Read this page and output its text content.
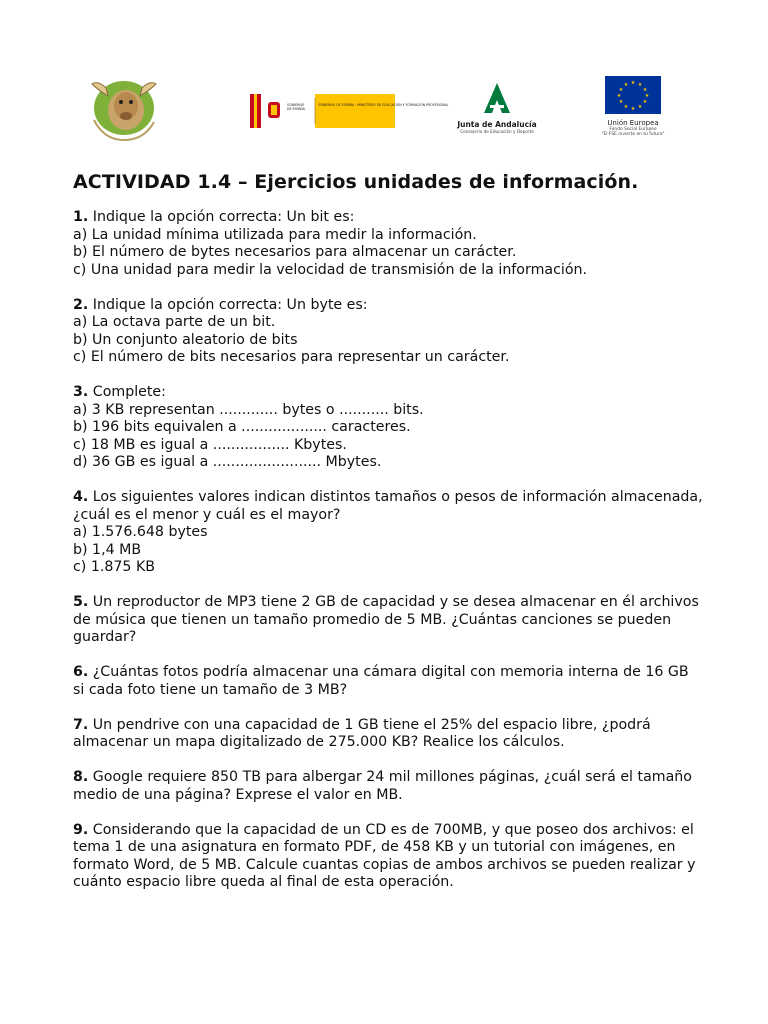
GOBIERNO
DE ESPAÑA
GOBIERNO DE ESPAÑA · MINISTERIO DE EDUCACIÓN Y FORMACIÓN PROFESIONAL
Junta de Andalucía
Consejería de Educación y Deporte
★ ★
★
★
★
★
★
★
★
★
★
★
Unión Europea
Fondo Social Europeo
"El FSE invierte en tu futuro"
ACTIVIDAD 1.4 – Ejercicios unidades de información.
1. Indique la opción correcta: Un bit es:
a) La unidad mínima utilizada para medir la información.
b) El número de bytes necesarios para almacenar un carácter.
c) Una unidad para medir la velocidad de transmisión de la información.
2. Indique la opción correcta: Un byte es:
a) La octava parte de un bit.
b) Un conjunto aleatorio de bits
c) El número de bits necesarios para representar un carácter.
3. Complete:
a) 3 KB representan ............. bytes o ........... bits.
b) 196 bits equivalen a ................... caracteres.
c) 18 MB es igual a ................. Kbytes.
d) 36 GB es igual a ........................ Mbytes.
4. Los siguientes valores indican distintos tamaños o pesos de información almacenada,
¿cuál es el menor y cuál es el mayor?
a) 1.576.648 bytes
b) 1,4 MB
c) 1.875 KB
5. Un reproductor de MP3 tiene 2 GB de capacidad y se desea almacenar en él archivos de música que tienen un tamaño promedio de 5 MB. ¿Cuántas canciones se pueden guardar?
6. ¿Cuántas fotos podría almacenar una cámara digital con memoria interna de 16 GB si cada foto tiene un tamaño de 3 MB?
7. Un pendrive con una capacidad de 1 GB tiene el 25% del espacio libre, ¿podrá almacenar un mapa digitalizado de 275.000 KB? Realice los cálculos.
8. Google requiere 850 TB para albergar 24 mil millones páginas, ¿cuál será el tamaño medio de una página? Exprese el valor en MB.
9. Considerando que la capacidad de un CD es de 700MB, y que poseo dos archivos: el tema 1 de una asignatura en formato PDF, de 458 KB y un tutorial con imágenes, en formato Word, de 5 MB. Calcule cuantas copias de ambos archivos se pueden realizar y cuánto espacio libre queda al final de esta operación.
